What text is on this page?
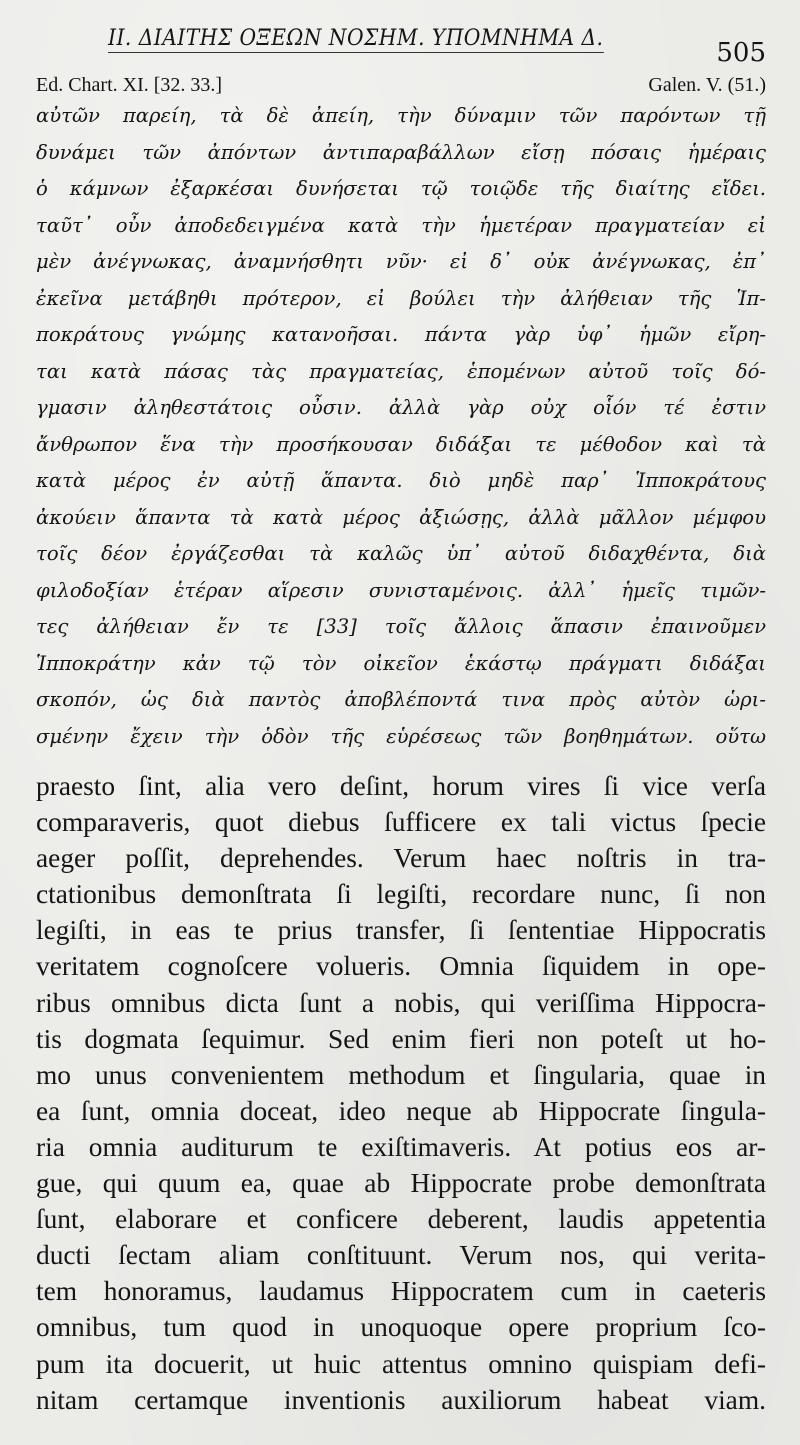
II. ΔΙΑΙΤΗΣ ΟΞΕΩΝ ΝΟΣΗΜ. ΥΠΟΜΝΗΜΑ Δ.	505
Ed. Chart. XI. [32. 33.]	Galen. V. (51.)
αὐτῶν παρείη, τὰ δὲ ἀπείη, τὴν δύναμιν τῶν παρόντων τῇ
δυνάμει τῶν ἀπόντων ἀντιπαραβάλλων εἴσῃ πόσαις ἡμέραις
ὁ κάμνων ἐξαρκέσαι δυνήσεται τῷ τοιῷδε τῆς διαίτης εἴδει.
ταῦτ᾽ οὖν ἀποδεδειγμένα κατὰ τὴν ἡμετέραν πραγματείαν εἰ
μὲν ἀνέγνωκας, ἀναμνήσθητι νῦν· εἰ δ᾽ οὐκ ἀνέγνωκας, ἐπ᾽
ἐκεῖνα μετάβηθι πρότερον, εἰ βούλει τὴν ἀλήθειαν τῆς Ἱπ-
ποκράτους γνώμης κατανοῆσαι. πάντα γὰρ ὑφ᾽ ἡμῶν εἴρη-
ται κατὰ πάσας τὰς πραγματείας, ἑπομένων αὐτοῦ τοῖς δό-
γμασιν ἀληθεστάτοις οὖσιν. ἀλλὰ γὰρ οὐχ οἷόν τέ ἐστιν
ἄνθρωπον ἕνα τὴν προσήκουσαν διδάξαι τε μέθοδον καὶ τὰ
κατὰ μέρος ἐν αὐτῇ ἅπαντα. διὸ μηδὲ παρ᾽ Ἱπποκράτους
ἀκούειν ἅπαντα τὰ κατὰ μέρος ἀξιώσῃς, ἀλλὰ μᾶλλον μέμφου
τοῖς δέον ἐργάζεσθαι τὰ καλῶς ὑπ᾽ αὐτοῦ διδαχθέντα, διὰ
φιλοδοξίαν ἑτέραν αἵρεσιν συνισταμένοις. ἀλλ᾽ ἡμεῖς τιμῶν-
τες ἀλήθειαν ἔν τε [33] τοῖς ἄλλοις ἅπασιν ἐπαινοῦμεν
Ἱπποκράτην κἀν τῷ τὸν οἰκεῖον ἑκάστῳ πράγματι διδάξαι
σκοπόν, ὡς διὰ παντὸς ἀποβλέποντά τινα πρὸς αὐτὸν ὡρι-
σμένην ἔχειν τὴν ὁδὸν τῆς εὑρέσεως τῶν βοηθημάτων. οὕτω
praesto ſint, alia vero deſint, horum vires ſi vice verſa
comparaveris, quot diebus ſufficere ex tali victus ſpecie
aeger poſſit, deprehendes. Verum haec noſtris in tra-
ctationibus demonſtrata ſi legiſti, recordare nunc, ſi non
legiſti, in eas te prius transfer, ſi ſententiae Hippocratis
veritatem cognoſcere volueris. Omnia ſiquidem in ope-
ribus omnibus dicta ſunt a nobis, qui veriſſima Hippocra-
tis dogmata ſequimur. Sed enim fieri non poteſt ut ho-
mo unus convenientem methodum et ſingularia, quae in
ea ſunt, omnia doceat, ideo neque ab Hippocrate ſingula-
ria omnia auditurum te exiſtimaveris. At potius eos ar-
gue, qui quum ea, quae ab Hippocrate probe demonſtrata
ſunt, elaborare et conficere deberent, laudis appetentia
ducti ſectam aliam conſtituunt. Verum nos, qui verita-
tem honoramus, laudamus Hippocratem cum in caeteris
omnibus, tum quod in unoquoque opere proprium ſco-
pum ita docuerit, ut huic attentus omnino quispiam defi-
nitam certamque inventionis auxiliorum habeat viam.
